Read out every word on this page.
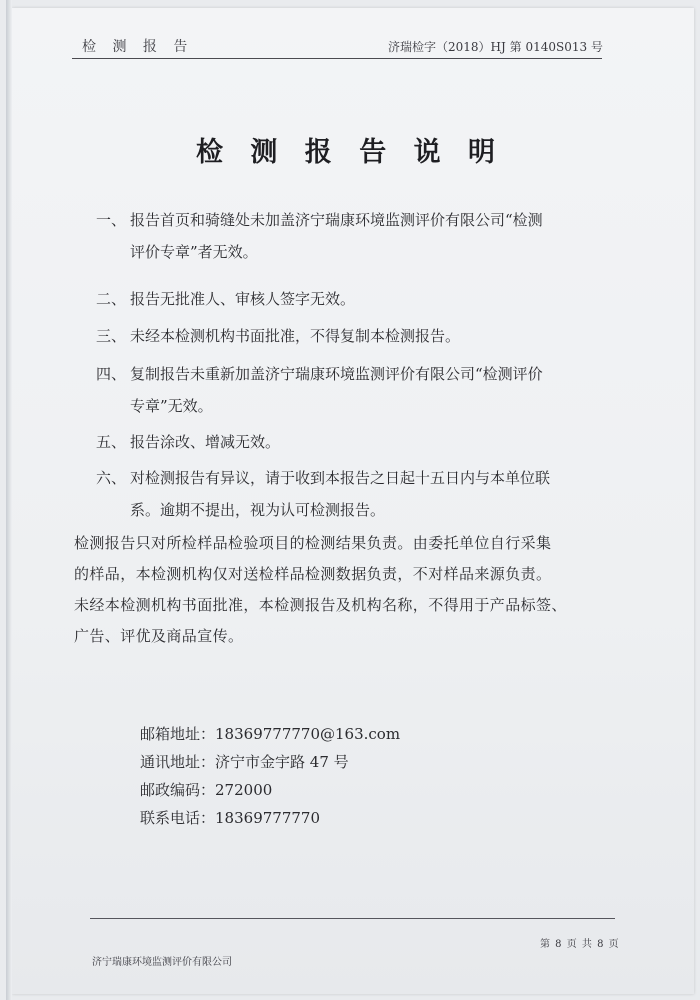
检 测 报 告	济瑞检字（2018）HJ 第 0140S013 号
检 测 报 告 说 明
一、 报告首页和骑缝处未加盖济宁瑞康环境监测评价有限公司“检测
评价专章”者无效。
二、 报告无批准人、审核人签字无效。
三、 未经本检测机构书面批准，不得复制本检测报告。
四、 复制报告未重新加盖济宁瑞康环境监测评价有限公司“检测评价
专章”无效。
五、 报告涂改、增减无效。
六、 对检测报告有异议，请于收到本报告之日起十五日内与本单位联
系。逾期不提出，视为认可检测报告。
检测报告只对所检样品检验项目的检测结果负责。由委托单位自行采集
的样品，本检测机构仅对送检样品检测数据负责，不对样品来源负责。
未经本检测机构书面批准，本检测报告及机构名称，不得用于产品标签、
广告、评优及商品宣传。
邮箱地址：18369777770@163.com
通讯地址：济宁市金宇路 47 号
邮政编码：272000
联系电话：18369777770
第 8 页 共 8 页
济宁瑞康环境监测评价有限公司
